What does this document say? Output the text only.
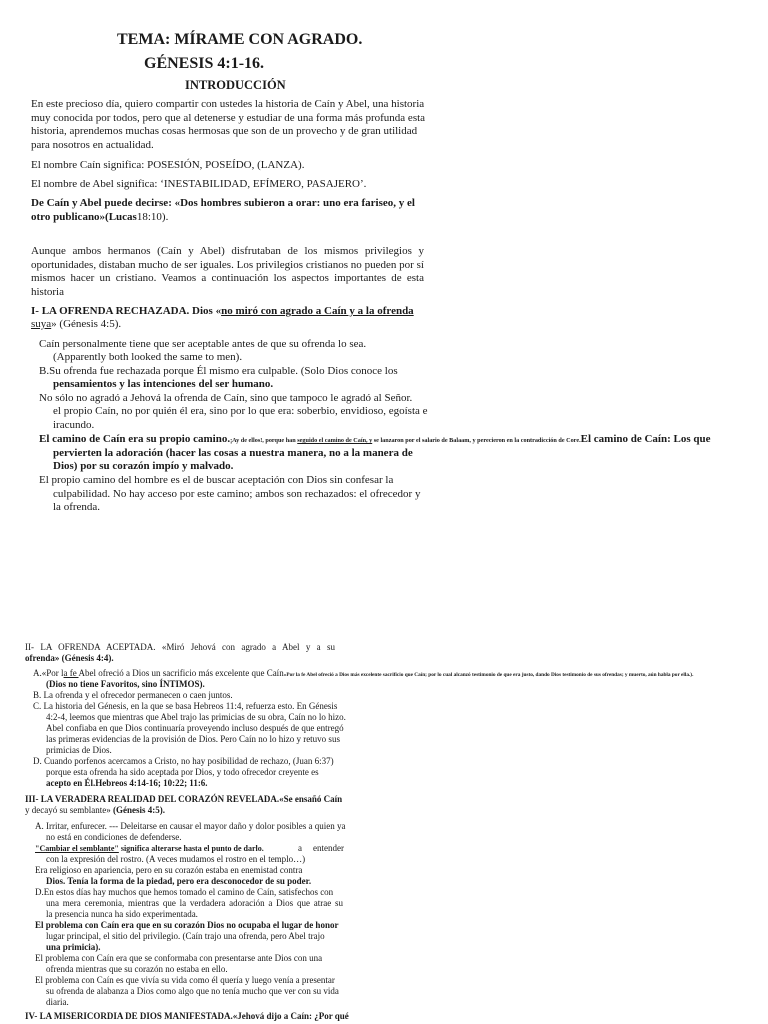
TEMA: MÍRAME CON AGRADO.
GÉNESIS 4:1-16.
INTRODUCCIÓN
En este precioso día, quiero compartir con ustedes la historia de Caín y Abel, una historia muy conocida por todos, pero que al detenerse y estudiar de una forma más profunda esta historia, aprendemos muchas cosas hermosas que son de un provecho y de gran utilidad para nosotros en actualidad.
El nombre Caín significa: POSESIÓN, POSEÍDO, (LANZA).
El nombre de Abel significa: ‘INESTABILIDAD, EFÍMERO, PASAJERO’.
De Caín y Abel puede decirse: «Dos hombres subieron a orar: uno era fariseo, y el otro publicano»(Lucas18:10).
Aunque ambos hermanos (Caín y Abel) disfrutaban de los mismos privilegios y oportunidades, distaban mucho de ser iguales. Los privilegios cristianos no pueden por sí mismos hacer un cristiano. Veamos a continuación los aspectos importantes de esta historia
I- LA OFRENDA RECHAZADA. Dios «no miró con agrado a Caín y a la ofrenda
suya» (Génesis 4:5).
Caín personalmente tiene que ser aceptable antes de que su ofrenda lo sea.
(Apparently both looked the same to men).
B.Su ofrenda fue rechazada porque Él mismo era culpable. (Solo Dios conoce los
pensamientos y las intenciones del ser humano.
No sólo no agradó a Jehová la ofrenda de Caín, sino que tampoco le agradó al Señor.
el propio Caín, no por quién él era, sino por lo que era: soberbio, envidioso, egoísta e
iracundo.
El camino de Caín era su propio camino.¡Ay de ellos!, porque han seguido el camino de Caín, y se lanzaron por el salario de Balaam, y perecieron en la contradicción de Core.El camino de Caín: Los que
pervierten la adoración (hacer las cosas a nuestra manera, no a la manera de
Dios) por su corazón impío y malvado.
El propio camino del hombre es el de buscar aceptación con Dios sin confesar la
culpabilidad. No hay acceso por este camino; ambos son rechazados: el ofrecedor y
la ofrenda.
II- LA OFRENDA ACEPTADA. «Miró Jehová con agrado a Abel y a su
ofrenda» (Génesis 4:4).
A.«Por la fe Abel ofreció a Dios un sacrificio más excelente que Caín«Por la fe Abel ofreció a Dios más excelente sacrificio que Caín; por lo cual alcanzó testimonio de que era justo, dando Dios testimonio de sus ofrendas; y muerto, aún habla por ella.).
(Dios no tiene Favoritos, sino ÍNTIMOS).
B. La ofrenda y el ofrecedor permanecen o caen juntos.
C. La historia del Génesis, en la que se basa Hebreos 11:4, refuerza esto. En Génesis
4:2-4, leemos que mientras que Abel trajo las primicias de su obra, Caín no lo hizo.
Abel confiaba en que Dios continuaría proveyendo incluso después de que entregó
las primeras evidencias de la provisión de Dios. Pero Caín no lo hizo y retuvo sus
primicias de Dios.
D. Cuando porfenos acercamos a Cristo, no hay posibilidad de rechazo, (Juan 6:37)
porque esta ofrenda ha sido aceptada por Dios, y todo ofrecedor creyente es
acepto en Él.Hebreos 4:14-16; 10:22; 11:6.
III- LA VERADERA REALIDAD DEL CORAZÓN REVELADA.«Se ensañó Caín
y decayó su semblante» (Génesis 4:5).
A. Irritar, enfurecer. --- Deleitarse en causar el mayor daño y dolor posibles a quien ya
no está en condiciones de defenderse.
"Cambiar el semblante" significa alterarse hasta el punto de darlo.	a entender
con la expresión del rostro. (A veces mudamos el rostro en el templo…)
Era religioso en apariencia, pero en su corazón estaba en enemistad contra
Dios. Tenía la forma de la piedad, pero era desconocedor de su poder.
D.En estos días hay muchos que hemos tomado el camino de Caín, satisfechos con
una mera ceremonia, mientras que la verdadera adoración a Dios que atrae su
la presencia nunca ha sido experimentada.
El problema con Caín era que en su corazón Dios no ocupaba el lugar de honor
lugar principal, el sitio del privilegio. (Caín trajo una ofrenda, pero Abel trajo
una primicia).
El problema con Caín era que se conformaba con presentarse ante Dios con una
ofrenda mientras que su corazón no estaba en ello.
El problema con Caín es que vivía su vida como él quería y luego venía a presentar
su ofrenda de alabanza a Dios como algo que no tenía mucho que ver con su vida
diaria.
IV- LA MISERICORDIA DE DIOS MANIFESTADA.«Jehová dijo a Caín: ¿Por qué
